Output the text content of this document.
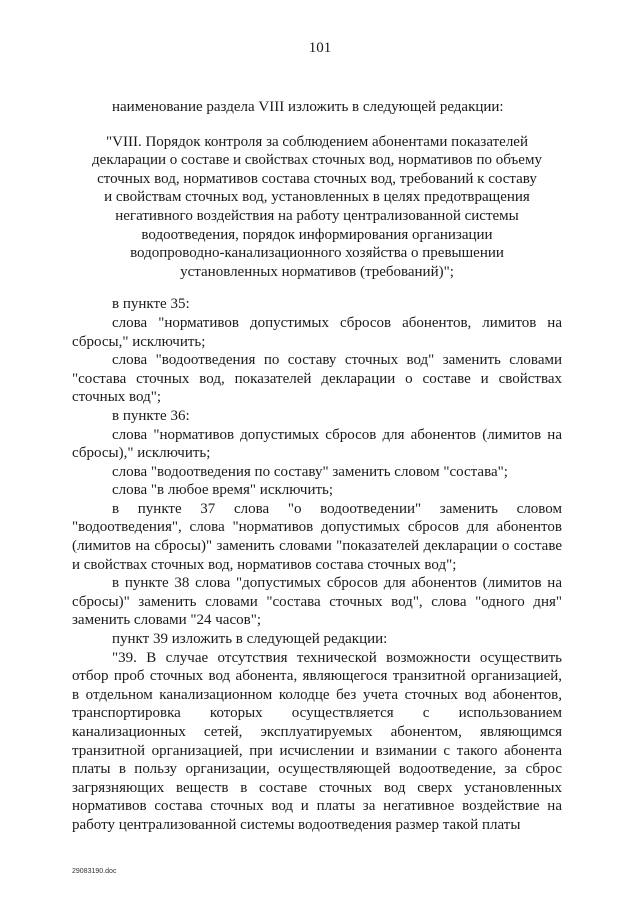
101
наименование раздела VIII изложить в следующей редакции:
"VIII. Порядок контроля за соблюдением абонентами показателей
декларации о составе и свойствах сточных вод, нормативов по объему
сточных вод, нормативов состава сточных вод, требований к составу
и свойствам сточных вод, установленных в целях предотвращения
негативного воздействия на работу централизованной системы
водоотведения, порядок информирования организации
водопроводно-канализационного хозяйства о превышении
установленных нормативов (требований)";
в пункте 35:
слова "нормативов допустимых сбросов абонентов, лимитов на
сбросы," исключить;
слова "водоотведения по составу сточных вод" заменить словами
"состава сточных вод, показателей декларации о составе и свойствах
сточных вод";
в пункте 36:
слова "нормативов допустимых сбросов для абонентов (лимитов на
сбросы)," исключить;
слова "водоотведения по составу" заменить словом "состава";
слова "в любое время" исключить;
в пункте 37 слова "о водоотведении" заменить словом
"водоотведения", слова "нормативов допустимых сбросов для абонентов
(лимитов на сбросы)" заменить словами "показателей декларации о составе
и свойствах сточных вод, нормативов состава сточных вод";
в пункте 38 слова "допустимых сбросов для абонентов (лимитов на
сбросы)" заменить словами "состава сточных вод", слова "одного дня"
заменить словами "24 часов";
пункт 39 изложить в следующей редакции:
"39. В случае отсутствия технической возможности осуществить
отбор проб сточных вод абонента, являющегося транзитной организацией,
в отдельном канализационном колодце без учета сточных вод абонентов,
транспортировка которых осуществляется с использованием
канализационных сетей, эксплуатируемых абонентом, являющимся
транзитной организацией, при исчислении и взимании с такого абонента
платы в пользу организации, осуществляющей водоотведение, за сброс
загрязняющих веществ в составе сточных вод сверх установленных
нормативов состава сточных вод и платы за негативное воздействие на
работу централизованной системы водоотведения размер такой платы
29083190.doc
